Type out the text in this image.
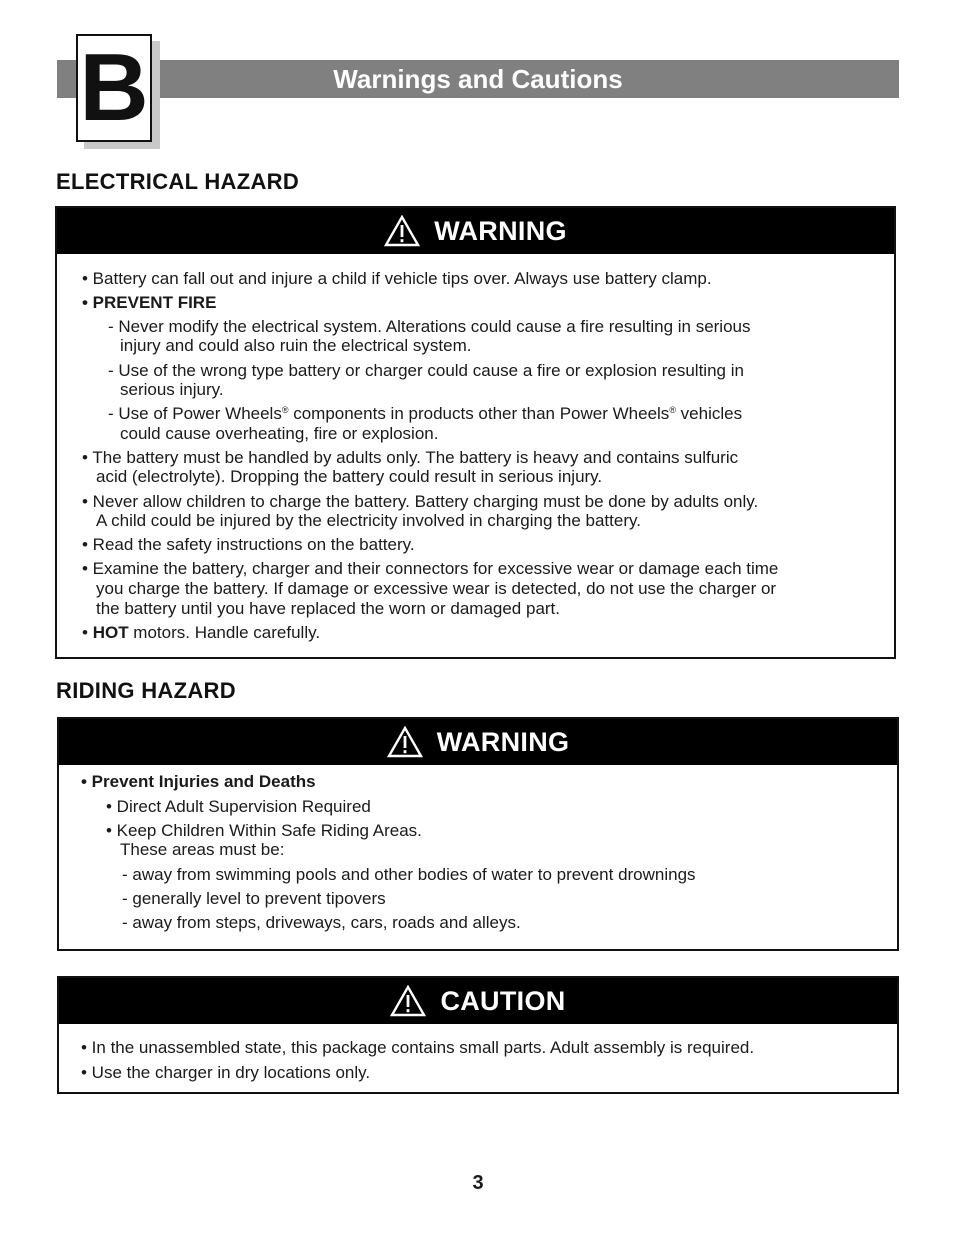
Warnings and Cautions
B
ELECTRICAL HAZARD
WARNING
• Battery can fall out and injure a child if vehicle tips over. Always use battery clamp.
• PREVENT FIRE
- Never modify the electrical system. Alterations could cause a fire resulting in serious
injury and could also ruin the electrical system.
- Use of the wrong type battery or charger could cause a fire or explosion resulting in
serious injury.
- Use of Power Wheels® components in products other than Power Wheels® vehicles
could cause overheating, fire or explosion.
• The battery must be handled by adults only. The battery is heavy and contains sulfuric
acid (electrolyte). Dropping the battery could result in serious injury.
• Never allow children to charge the battery. Battery charging must be done by adults only.
A child could be injured by the electricity involved in charging the battery.
• Read the safety instructions on the battery.
• Examine the battery, charger and their connectors for excessive wear or damage each time
you charge the battery. If damage or excessive wear is detected, do not use the charger or
the battery until you have replaced the worn or damaged part.
• HOT motors. Handle carefully.
RIDING HAZARD
WARNING
• Prevent Injuries and Deaths
• Direct Adult Supervision Required
• Keep Children Within Safe Riding Areas.
These areas must be:
- away from swimming pools and other bodies of water to prevent drownings
- generally level to prevent tipovers
- away from steps, driveways, cars, roads and alleys.
CAUTION
• In the unassembled state, this package contains small parts. Adult assembly is required.
• Use the charger in dry locations only.
3
